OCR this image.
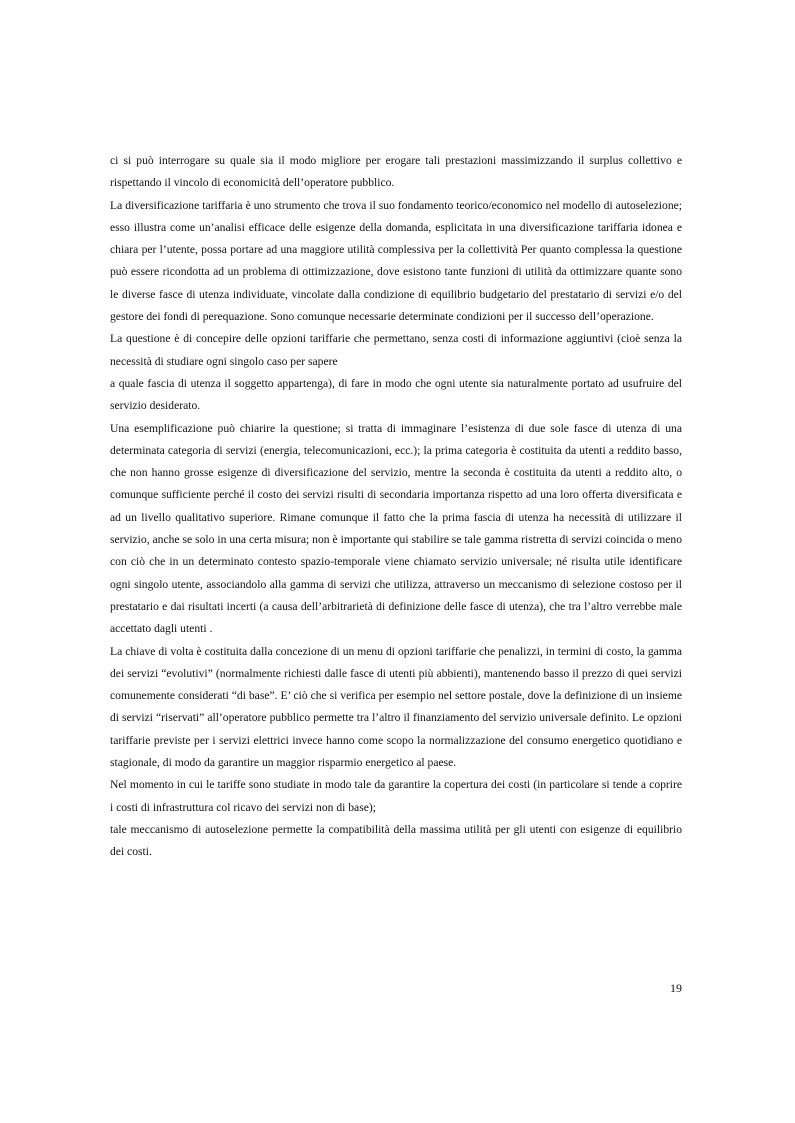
ci si può interrogare su quale sia il modo migliore per erogare tali prestazioni massimizzando il surplus collettivo e rispettando il vincolo di economicità dell’operatore pubblico.

La diversificazione tariffaria è uno strumento che trova il suo fondamento teorico/economico nel modello di autoselezione; esso illustra come un’analisi efficace delle esigenze della domanda, esplicitata in una diversificazione tariffaria idonea e chiara per l’utente, possa portare ad una maggiore utilità complessiva per la collettività Per quanto complessa la questione può essere ricondotta ad un problema di ottimizzazione, dove esistono tante funzioni di utilità da ottimizzare quante sono le diverse fasce di utenza individuate, vincolate dalla condizione di equilibrio budgetario del prestatario di servizi e/o del gestore dei fondi di perequazione. Sono comunque necessarie determinate condizioni per il successo dell’operazione.

La questione è di concepire delle opzioni tariffarie che permettano, senza costi di informazione aggiuntivi (cioè senza la necessità di studiare ogni singolo caso per sapere

a quale fascia di utenza il soggetto appartenga), di fare in modo che ogni utente sia naturalmente portato ad usufruire del servizio desiderato.

Una esemplificazione può chiarire la questione; si tratta di immaginare l’esistenza di due sole fasce di utenza di una determinata categoria di servizi (energia, telecomunicazioni, ecc.); la prima categoria è costituita da utenti a reddito basso, che non hanno grosse esigenze di diversificazione del servizio, mentre la seconda è costituita da utenti a reddito alto, o comunque sufficiente perché il costo dei servizi risulti di secondaria importanza rispetto ad una loro offerta diversificata e ad un livello qualitativo superiore. Rimane comunque il fatto che la prima fascia di utenza ha necessità di utilizzare il servizio, anche se solo in una certa misura; non è importante qui stabilire se tale gamma ristretta di servizi coincida o meno con ciò che in un determinato contesto spazio-temporale viene chiamato servizio universale; né risulta utile identificare ogni singolo utente, associandolo alla gamma di servizi che utilizza, attraverso un meccanismo di selezione costoso per il prestatario e dai risultati incerti (a causa dell’arbitrarietà di definizione delle fasce di utenza), che tra l’altro verrebbe male accettato dagli utenti .

La chiave di volta è costituita dalla concezione di un menu di opzioni tariffarie che penalizzi, in termini di costo, la gamma dei servizi “evolutivi” (normalmente richiesti dalle fasce di utenti più abbienti), mantenendo basso il prezzo di quei servizi comunemente considerati “di base”. E’ ciò che si verifica per esempio nel settore postale, dove la definizione di un insieme di servizi “riservati” all’operatore pubblico permette tra l’altro il finanziamento del servizio universale definito. Le opzioni tariffarie previste per i servizi elettrici invece hanno come scopo la normalizzazione del consumo energetico quotidiano e stagionale, di modo da garantire un maggior risparmio energetico al paese.

Nel momento in cui le tariffe sono studiate in modo tale da garantire la copertura dei costi (in particolare si tende a coprire i costi di infrastruttura col ricavo dei servizi non di base);

tale meccanismo di autoselezione permette la compatibilità della massima utilità per gli utenti con esigenze di equilibrio dei costi.

19
